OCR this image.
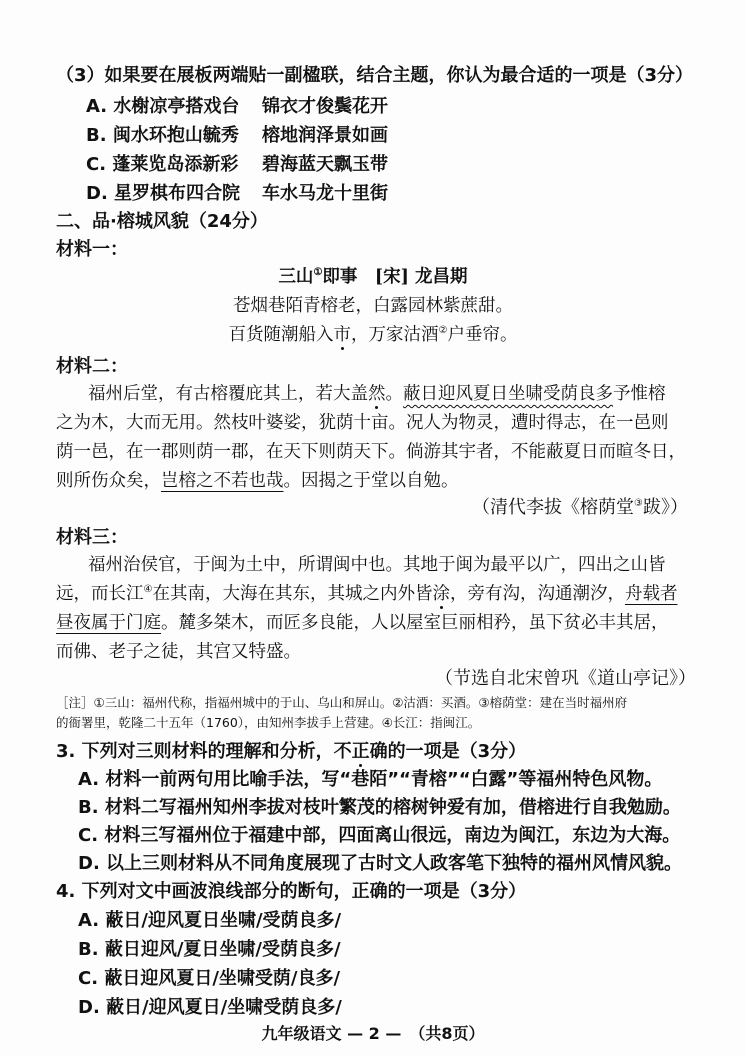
（3）如果要在展板两端贴一副楹联，结合主题，你认为最合适的一项是（3分）
A. 水榭凉亭搭戏台 锦衣才俊鬓花开
B. 闽水环抱山毓秀 榕地润泽景如画
C. 蓬莱览岛添新彩 碧海蓝天飘玉带
D. 星罗棋布四合院 车水马龙十里街
二、品·榕城风貌（24分）
材料一：
三山①即事　[宋] 龙昌期
苍烟巷陌青榕老，白露园林紫蔗甜。
百货随潮船入市，万家沽酒②户垂帘。
材料二：
福州后堂，有古榕覆庇其上，若大盖然。蔽日迎风夏日坐啸受荫良多予惟榕
之为木，大而无用。然枝叶婆娑，犹荫十亩。况人为物灵，遭时得志，在一邑则
荫一邑，在一郡则荫一郡，在天下则荫天下。倘游其宇者，不能蔽夏日而暄冬日，
则所伤众矣，岂榕之不若也哉。因揭之于堂以自勉。
（清代李拔《榕荫堂③跋》）
材料三：
福州治侯官，于闽为土中，所谓闽中也。其地于闽为最平以广，四出之山皆
远，而长江④在其南，大海在其东，其城之内外皆涂，旁有沟，沟通潮汐，舟载者
昼夜属于门庭。麓多桀木，而匠多良能，人以屋室巨丽相矜，虽下贫必丰其居，
而佛、老子之徒，其宫又特盛。
（节选自北宋曾巩《道山亭记》）
［注］①三山：福州代称，指福州城中的于山、乌山和屏山。②沽酒：买酒。③榕荫堂：建在当时福州府
的衙署里，乾隆二十五年（1760），由知州李拔手上营建。④长江：指闽江。
3. 下列对三则材料的理解和分析，不正确的一项是（3分）
A. 材料一前两句用比喻手法，写“巷陌”“青榕”“白露”等福州特色风物。
B. 材料二写福州知州李拔对枝叶繁茂的榕树钟爱有加，借榕进行自我勉励。
C. 材料三写福州位于福建中部，四面离山很远，南边为闽江，东边为大海。
D. 以上三则材料从不同角度展现了古时文人政客笔下独特的福州风情风貌。
4. 下列对文中画波浪线部分的断句，正确的一项是（3分）
A. 蔽日/迎风夏日坐啸/受荫良多/
B. 蔽日迎风/夏日坐啸/受荫良多/
C. 蔽日迎风夏日/坐啸受荫/良多/
D. 蔽日/迎风夏日/坐啸受荫良多/
九年级语文 — 2 —　（共8页）
